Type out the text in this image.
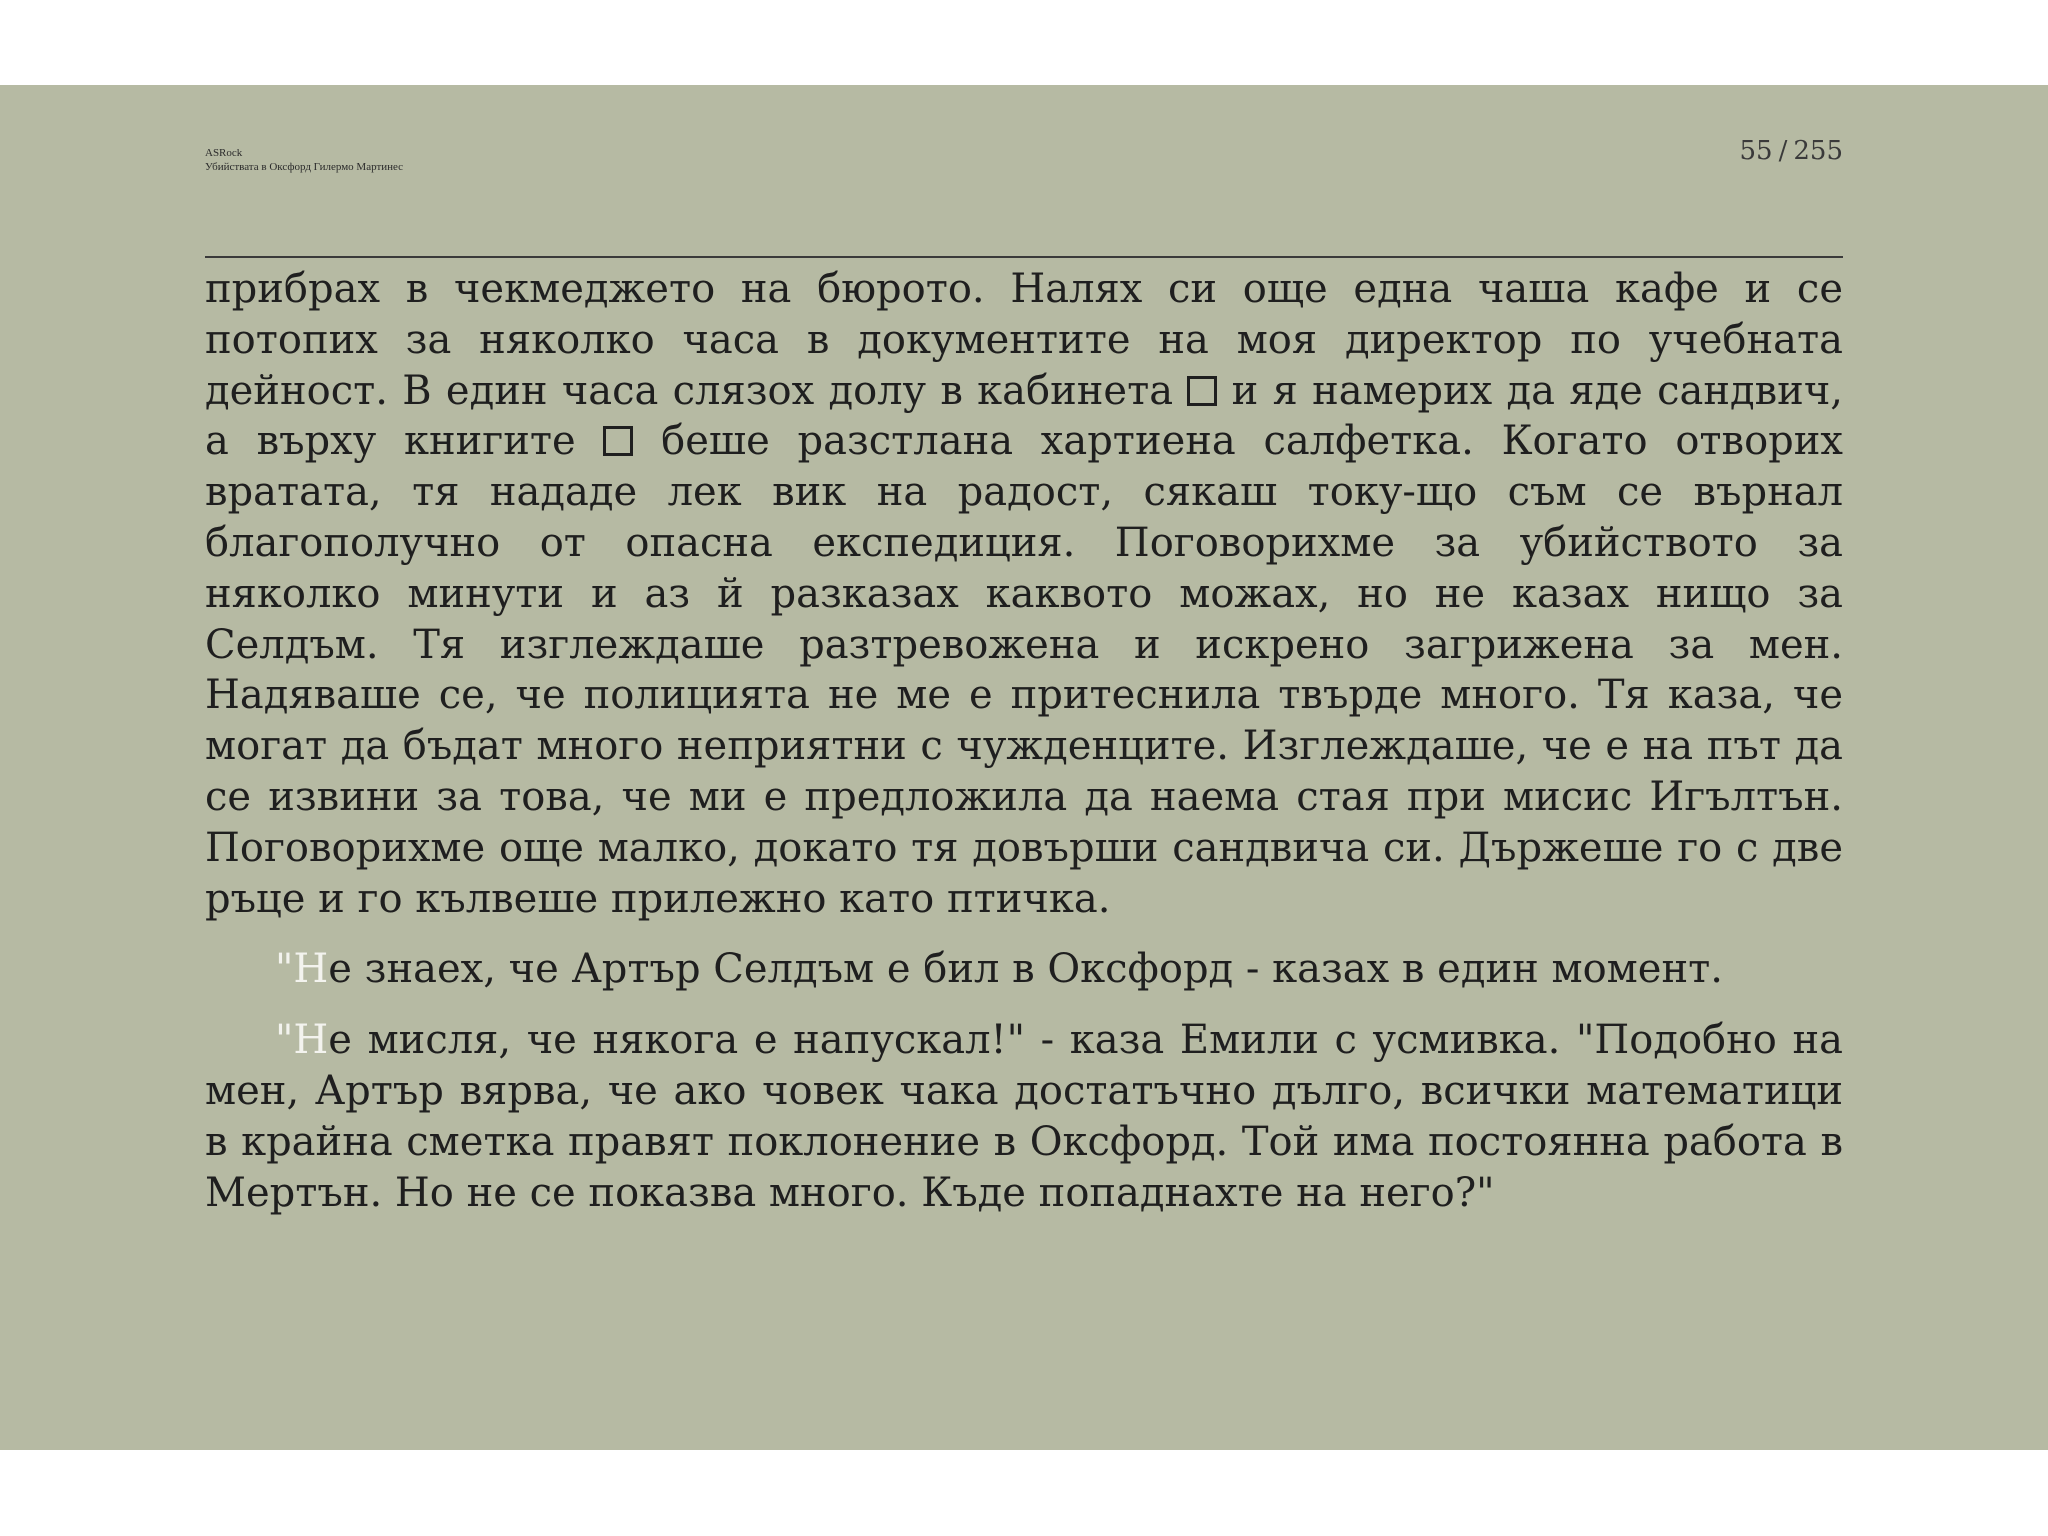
ASRock
Убийствата в Оксфорд Гилермо Мартинес
55 / 255

прибрах в чекмеджето на бюрото. Налях си още една чаша кафе и се потопих за няколко часа в документите на моя директор по учебната дейност. В един часа слязох долу в кабинета  и я намерих да яде сандвич, а върху книгите  беше разстлана хартиена салфетка. Когато отворих вратата, тя нададе лек вик на радост, сякаш току-що съм се върнал благополучно от опасна експедиция. Поговорихме за убийството за няколко минути и аз й разказах каквото можах, но не казах нищо за Селдъм. Тя изглеждаше разтревожена и искрено загрижена за мен. Надяваше се, че полицията не ме е притеснила твърде много. Тя каза, че могат да бъдат много неприятни с чужденците. Изглеждаше, че е на път да се извини за това, че ми е предложила да наема стая при мисис Игълтън. Поговорихме още малко, докато тя довърши сандвича си. Държеше го с две ръце и го кълвеше прилежно като птичка.

"Не знаех, че Артър Селдъм е бил в Оксфорд - казах в един момент.

"Не мисля, че някога е напускал!" - каза Емили с усмивка. "Подобно на мен, Артър вярва, че ако човек чака достатъчно дълго, всички математици в крайна сметка правят поклонение в Оксфорд. Той има постоянна работа в Мертън. Но не се показва много. Къде попаднахте на него?"
